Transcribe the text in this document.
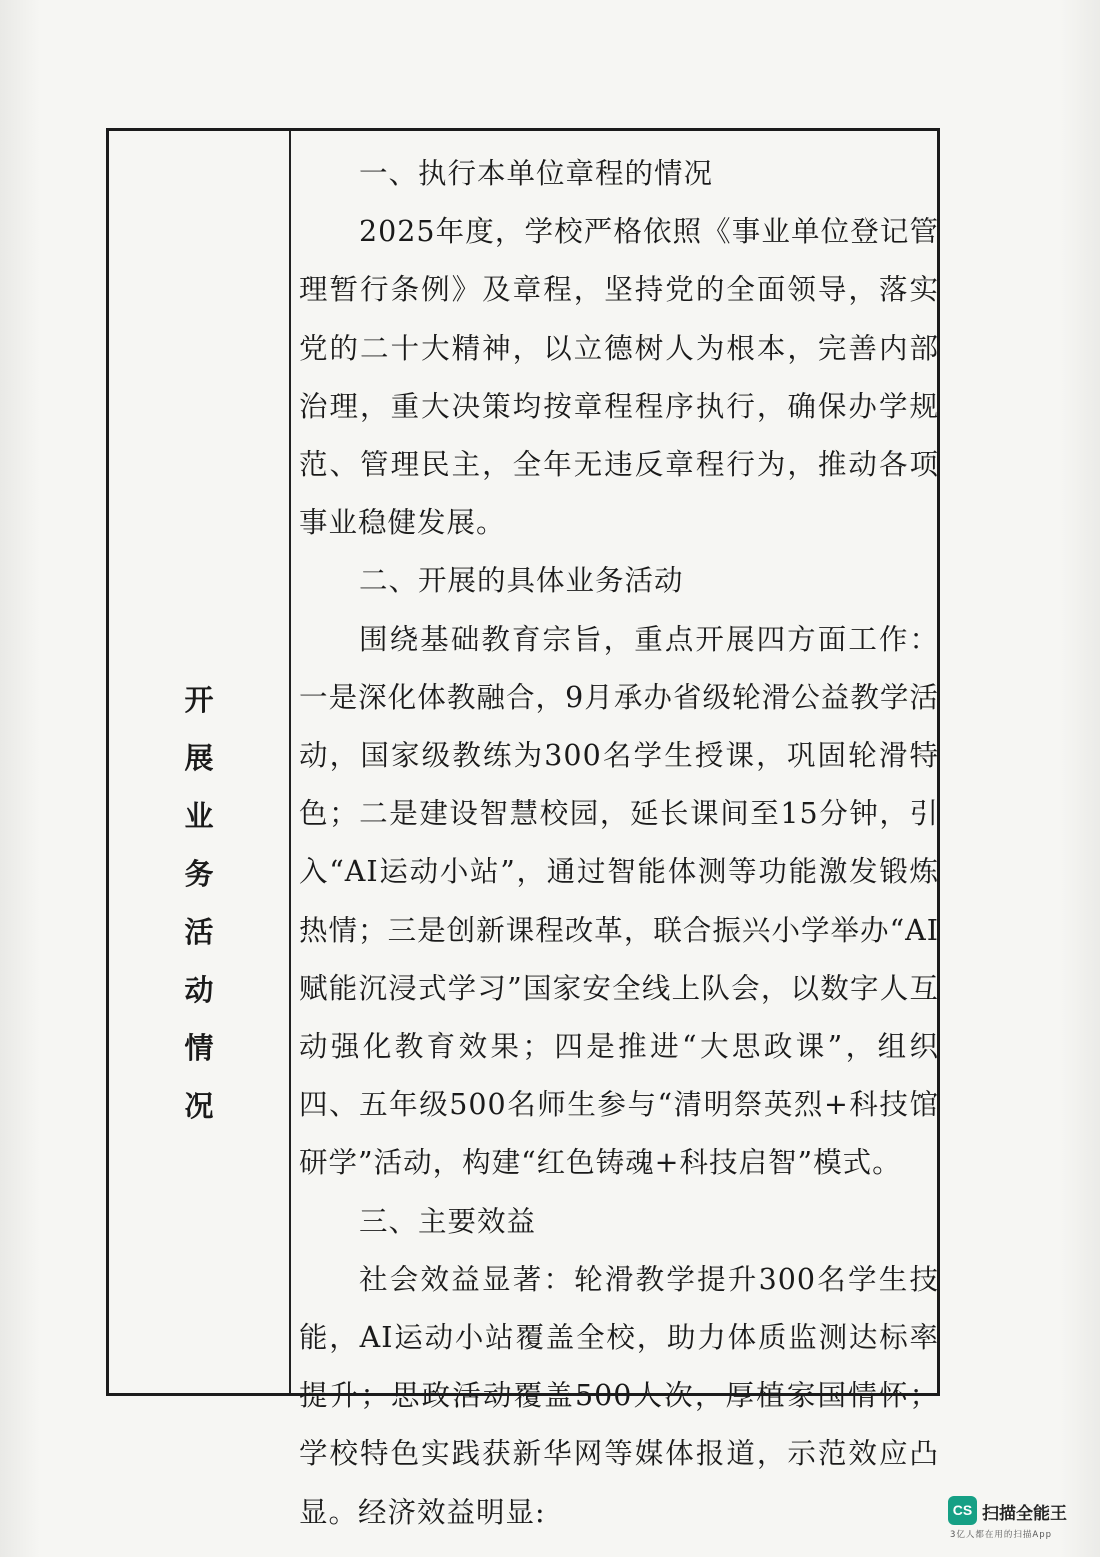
开
展
业
务
活
动
情
况

一、执行本单位章程的情况

2025年度，学校严格依照《事业单位登记管理暂行条例》及章程，坚持党的全面领导，落实党的二十大精神，以立德树人为根本，完善内部治理，重大决策均按章程程序执行，确保办学规范、管理民主，全年无违反章程行为，推动各项事业稳健发展。

二、开展的具体业务活动

围绕基础教育宗旨，重点开展四方面工作：一是深化体教融合，9月承办省级轮滑公益教学活动，国家级教练为300名学生授课，巩固轮滑特色；二是建设智慧校园，延长课间至15分钟，引入“AI运动小站”，通过智能体测等功能激发锻炼热情；三是创新课程改革，联合振兴小学举办“AI赋能沉浸式学习”国家安全线上队会，以数字人互动强化教育效果；四是推进“大思政课”，组织四、五年级500名师生参与“清明祭英烈+科技馆研学”活动，构建“红色铸魂+科技启智”模式。

三、主要效益

社会效益显著：轮滑教学提升300名学生技能，AI运动小站覆盖全校，助力体质监测达标率提升；思政活动覆盖500人次，厚植家国情怀；学校特色实践获新华网等媒体报道，示范效应凸显。经济效益明显:	CS 扫描全能王
3亿人都在用的扫描App
